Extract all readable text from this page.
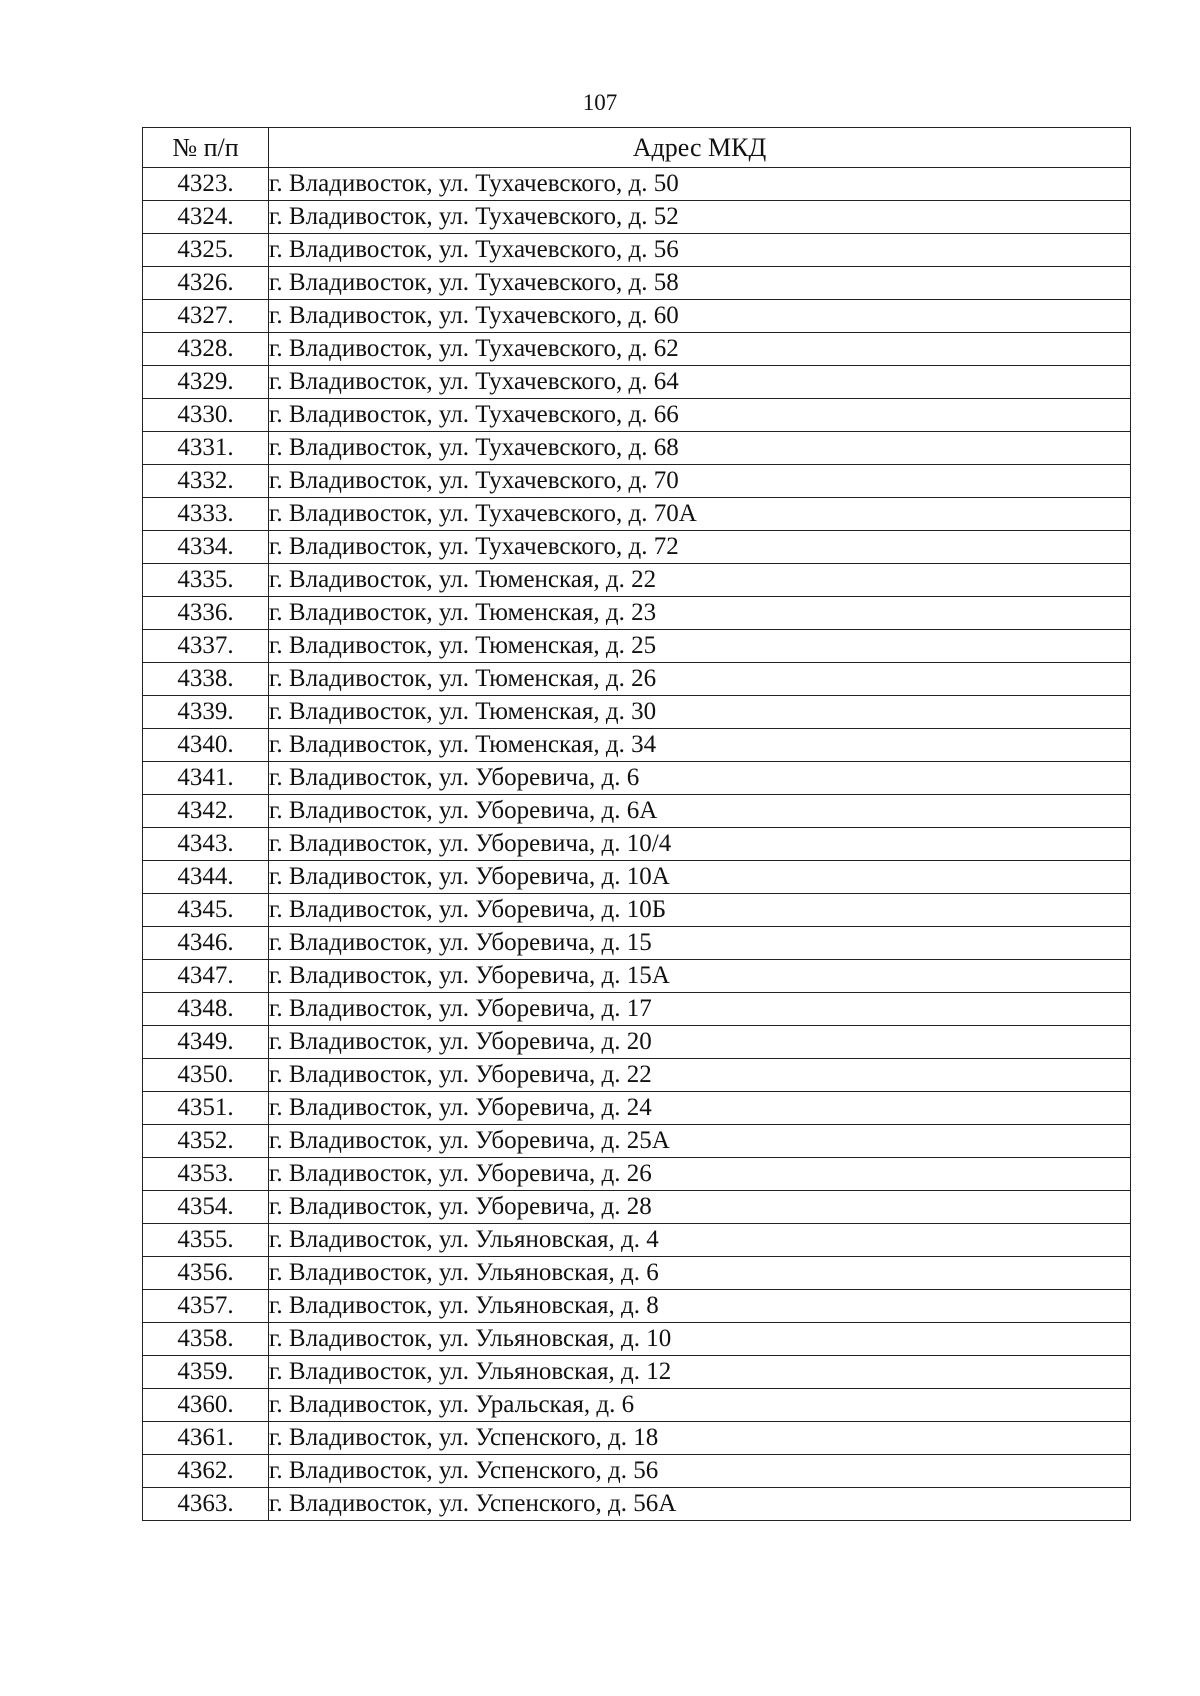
107
№ п/п	Адрес МКД
4323.	г. Владивосток, ул. Тухачевского, д. 50
4324.	г. Владивосток, ул. Тухачевского, д. 52
4325.	г. Владивосток, ул. Тухачевского, д. 56
4326.	г. Владивосток, ул. Тухачевского, д. 58
4327.	г. Владивосток, ул. Тухачевского, д. 60
4328.	г. Владивосток, ул. Тухачевского, д. 62
4329.	г. Владивосток, ул. Тухачевского, д. 64
4330.	г. Владивосток, ул. Тухачевского, д. 66
4331.	г. Владивосток, ул. Тухачевского, д. 68
4332.	г. Владивосток, ул. Тухачевского, д. 70
4333.	г. Владивосток, ул. Тухачевского, д. 70А
4334.	г. Владивосток, ул. Тухачевского, д. 72
4335.	г. Владивосток, ул. Тюменская, д. 22
4336.	г. Владивосток, ул. Тюменская, д. 23
4337.	г. Владивосток, ул. Тюменская, д. 25
4338.	г. Владивосток, ул. Тюменская, д. 26
4339.	г. Владивосток, ул. Тюменская, д. 30
4340.	г. Владивосток, ул. Тюменская, д. 34
4341.	г. Владивосток, ул. Уборевича, д. 6
4342.	г. Владивосток, ул. Уборевича, д. 6А
4343.	г. Владивосток, ул. Уборевича, д. 10/4
4344.	г. Владивосток, ул. Уборевича, д. 10А
4345.	г. Владивосток, ул. Уборевича, д. 10Б
4346.	г. Владивосток, ул. Уборевича, д. 15
4347.	г. Владивосток, ул. Уборевича, д. 15А
4348.	г. Владивосток, ул. Уборевича, д. 17
4349.	г. Владивосток, ул. Уборевича, д. 20
4350.	г. Владивосток, ул. Уборевича, д. 22
4351.	г. Владивосток, ул. Уборевича, д. 24
4352.	г. Владивосток, ул. Уборевича, д. 25А
4353.	г. Владивосток, ул. Уборевича, д. 26
4354.	г. Владивосток, ул. Уборевича, д. 28
4355.	г. Владивосток, ул. Ульяновская, д. 4
4356.	г. Владивосток, ул. Ульяновская, д. 6
4357.	г. Владивосток, ул. Ульяновская, д. 8
4358.	г. Владивосток, ул. Ульяновская, д. 10
4359.	г. Владивосток, ул. Ульяновская, д. 12
4360.	г. Владивосток, ул. Уральская, д. 6
4361.	г. Владивосток, ул. Успенского, д. 18
4362.	г. Владивосток, ул. Успенского, д. 56
4363.	г. Владивосток, ул. Успенского, д. 56А
